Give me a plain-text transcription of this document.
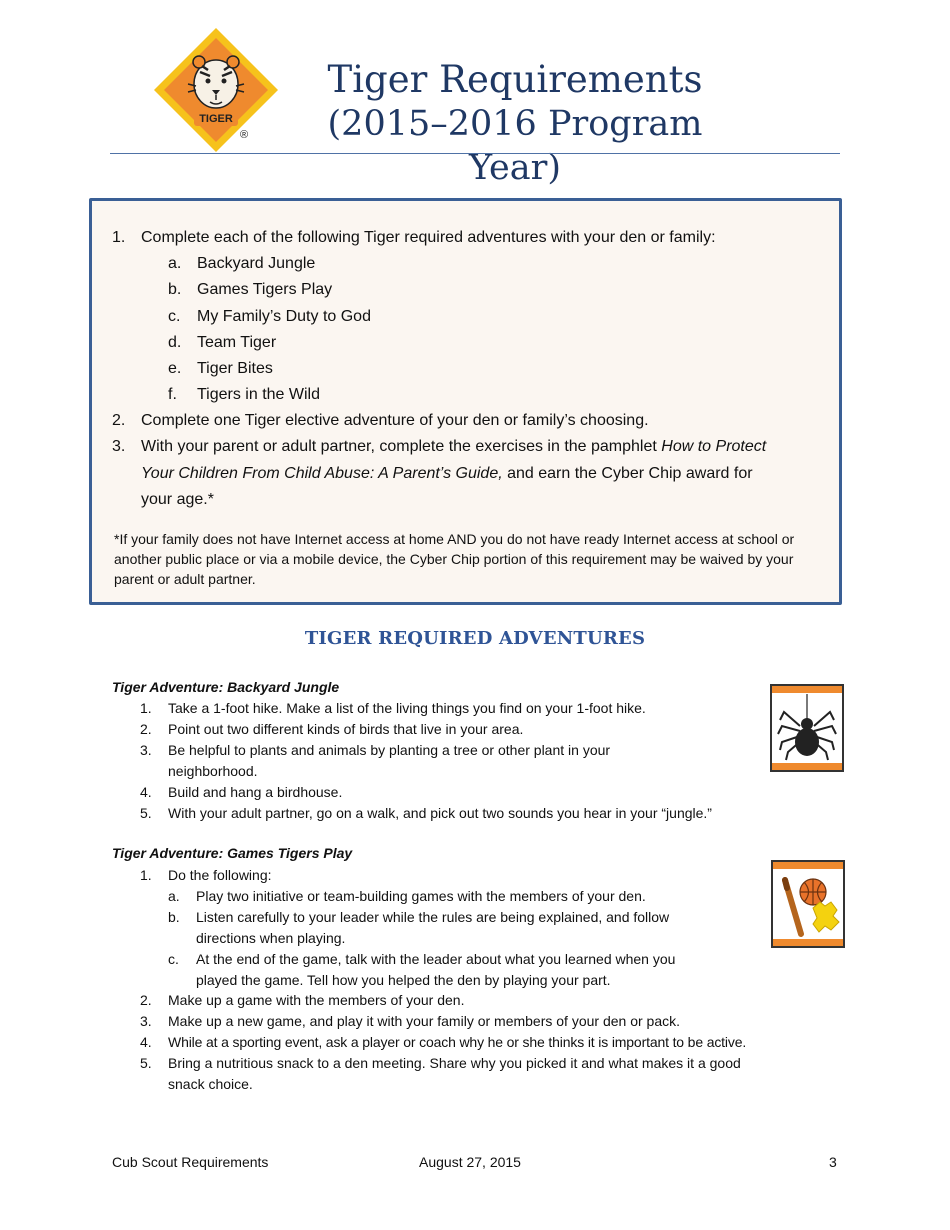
TIGER
®
Tiger Requirements
(2015–2016 Program Year)
1. Complete each of the following Tiger required adventures with your den or family:
a. Backyard Jungle
b. Games Tigers Play
c. My Family’s Duty to God
d. Team Tiger
e. Tiger Bites
f. Tigers in the Wild
2. Complete one Tiger elective adventure of your den or family’s choosing.
3. With your parent or adult partner, complete the exercises in the pamphlet How to Protect
Your Children From Child Abuse: A Parent’s Guide, and earn the Cyber Chip award for
your age.*
*If your family does not have Internet access at home AND you do not have ready Internet access at school or another public place or via a mobile device, the Cyber Chip portion of this requirement may be waived by your parent or adult partner.
TIGER REQUIRED ADVENTURES
Tiger Adventure: Backyard Jungle
1. Take a 1-foot hike. Make a list of the living things you find on your 1-foot hike.
2. Point out two different kinds of birds that live in your area.
3. Be helpful to plants and animals by planting a tree or other plant in your
neighborhood.
4. Build and hang a birdhouse.
5. With your adult partner, go on a walk, and pick out two sounds you hear in your “jungle.”
Tiger Adventure: Games Tigers Play
1. Do the following:
a. Play two initiative or team-building games with the members of your den.
b. Listen carefully to your leader while the rules are being explained, and follow
directions when playing.
c. At the end of the game, talk with the leader about what you learned when you
played the game. Tell how you helped the den by playing your part.
2. Make up a game with the members of your den.
3. Make up a new game, and play it with your family or members of your den or pack.
4. While at a sporting event, ask a player or coach why he or she thinks it is important to be active.
5. Bring a nutritious snack to a den meeting. Share why you picked it and what makes it a good
snack choice.
Cub Scout Requirements	August 27, 2015	3
